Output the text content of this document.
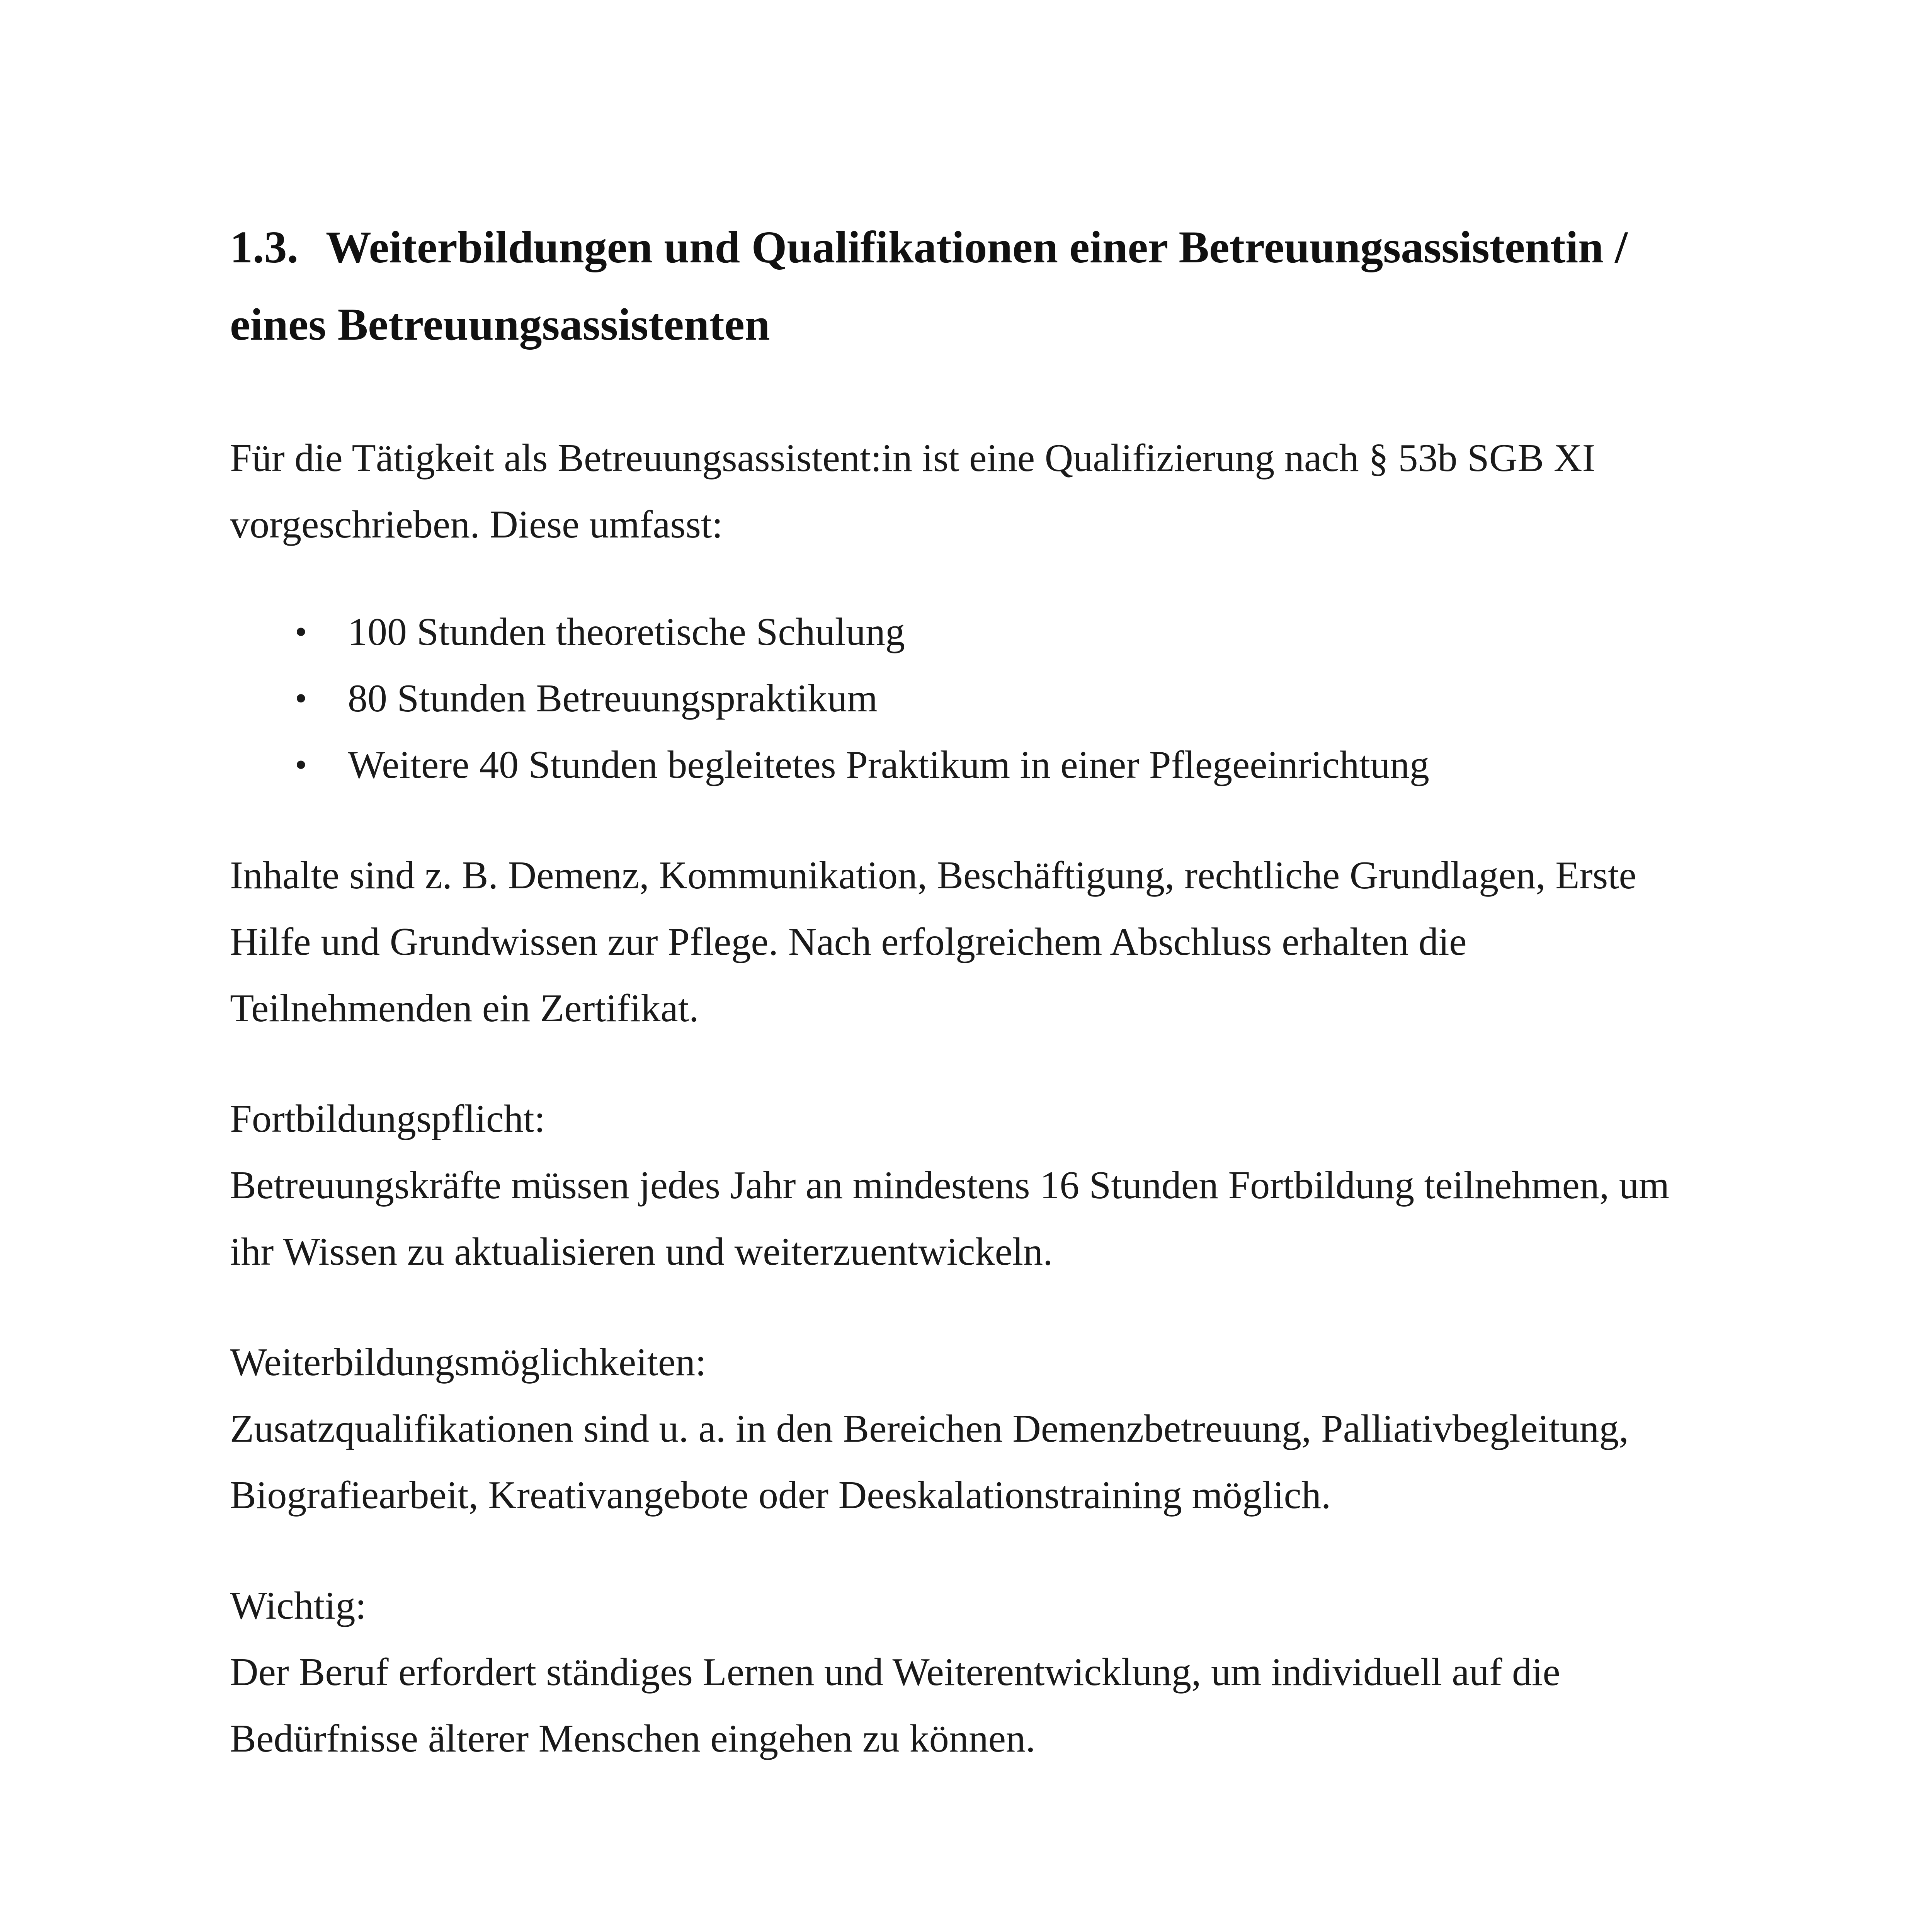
1.3. Weiterbildungen und Qualifikationen einer Betreuungsassistentin /
eines Betreuungsassistenten

Für die Tätigkeit als Betreuungsassistent:in ist eine Qualifizierung nach § 53b SGB XI
vorgeschrieben. Diese umfasst:

• 100 Stunden theoretische Schulung
• 80 Stunden Betreuungspraktikum
• Weitere 40 Stunden begleitetes Praktikum in einer Pflegeeinrichtung

Inhalte sind z. B. Demenz, Kommunikation, Beschäftigung, rechtliche Grundlagen, Erste
Hilfe und Grundwissen zur Pflege. Nach erfolgreichem Abschluss erhalten die
Teilnehmenden ein Zertifikat.

Fortbildungspflicht:
Betreuungskräfte müssen jedes Jahr an mindestens 16 Stunden Fortbildung teilnehmen, um
ihr Wissen zu aktualisieren und weiterzuentwickeln.

Weiterbildungsmöglichkeiten:
Zusatzqualifikationen sind u. a. in den Bereichen Demenzbetreuung, Palliativbegleitung,
Biografiearbeit, Kreativangebote oder Deeskalationstraining möglich.

Wichtig:
Der Beruf erfordert ständiges Lernen und Weiterentwicklung, um individuell auf die
Bedürfnisse älterer Menschen eingehen zu können.
